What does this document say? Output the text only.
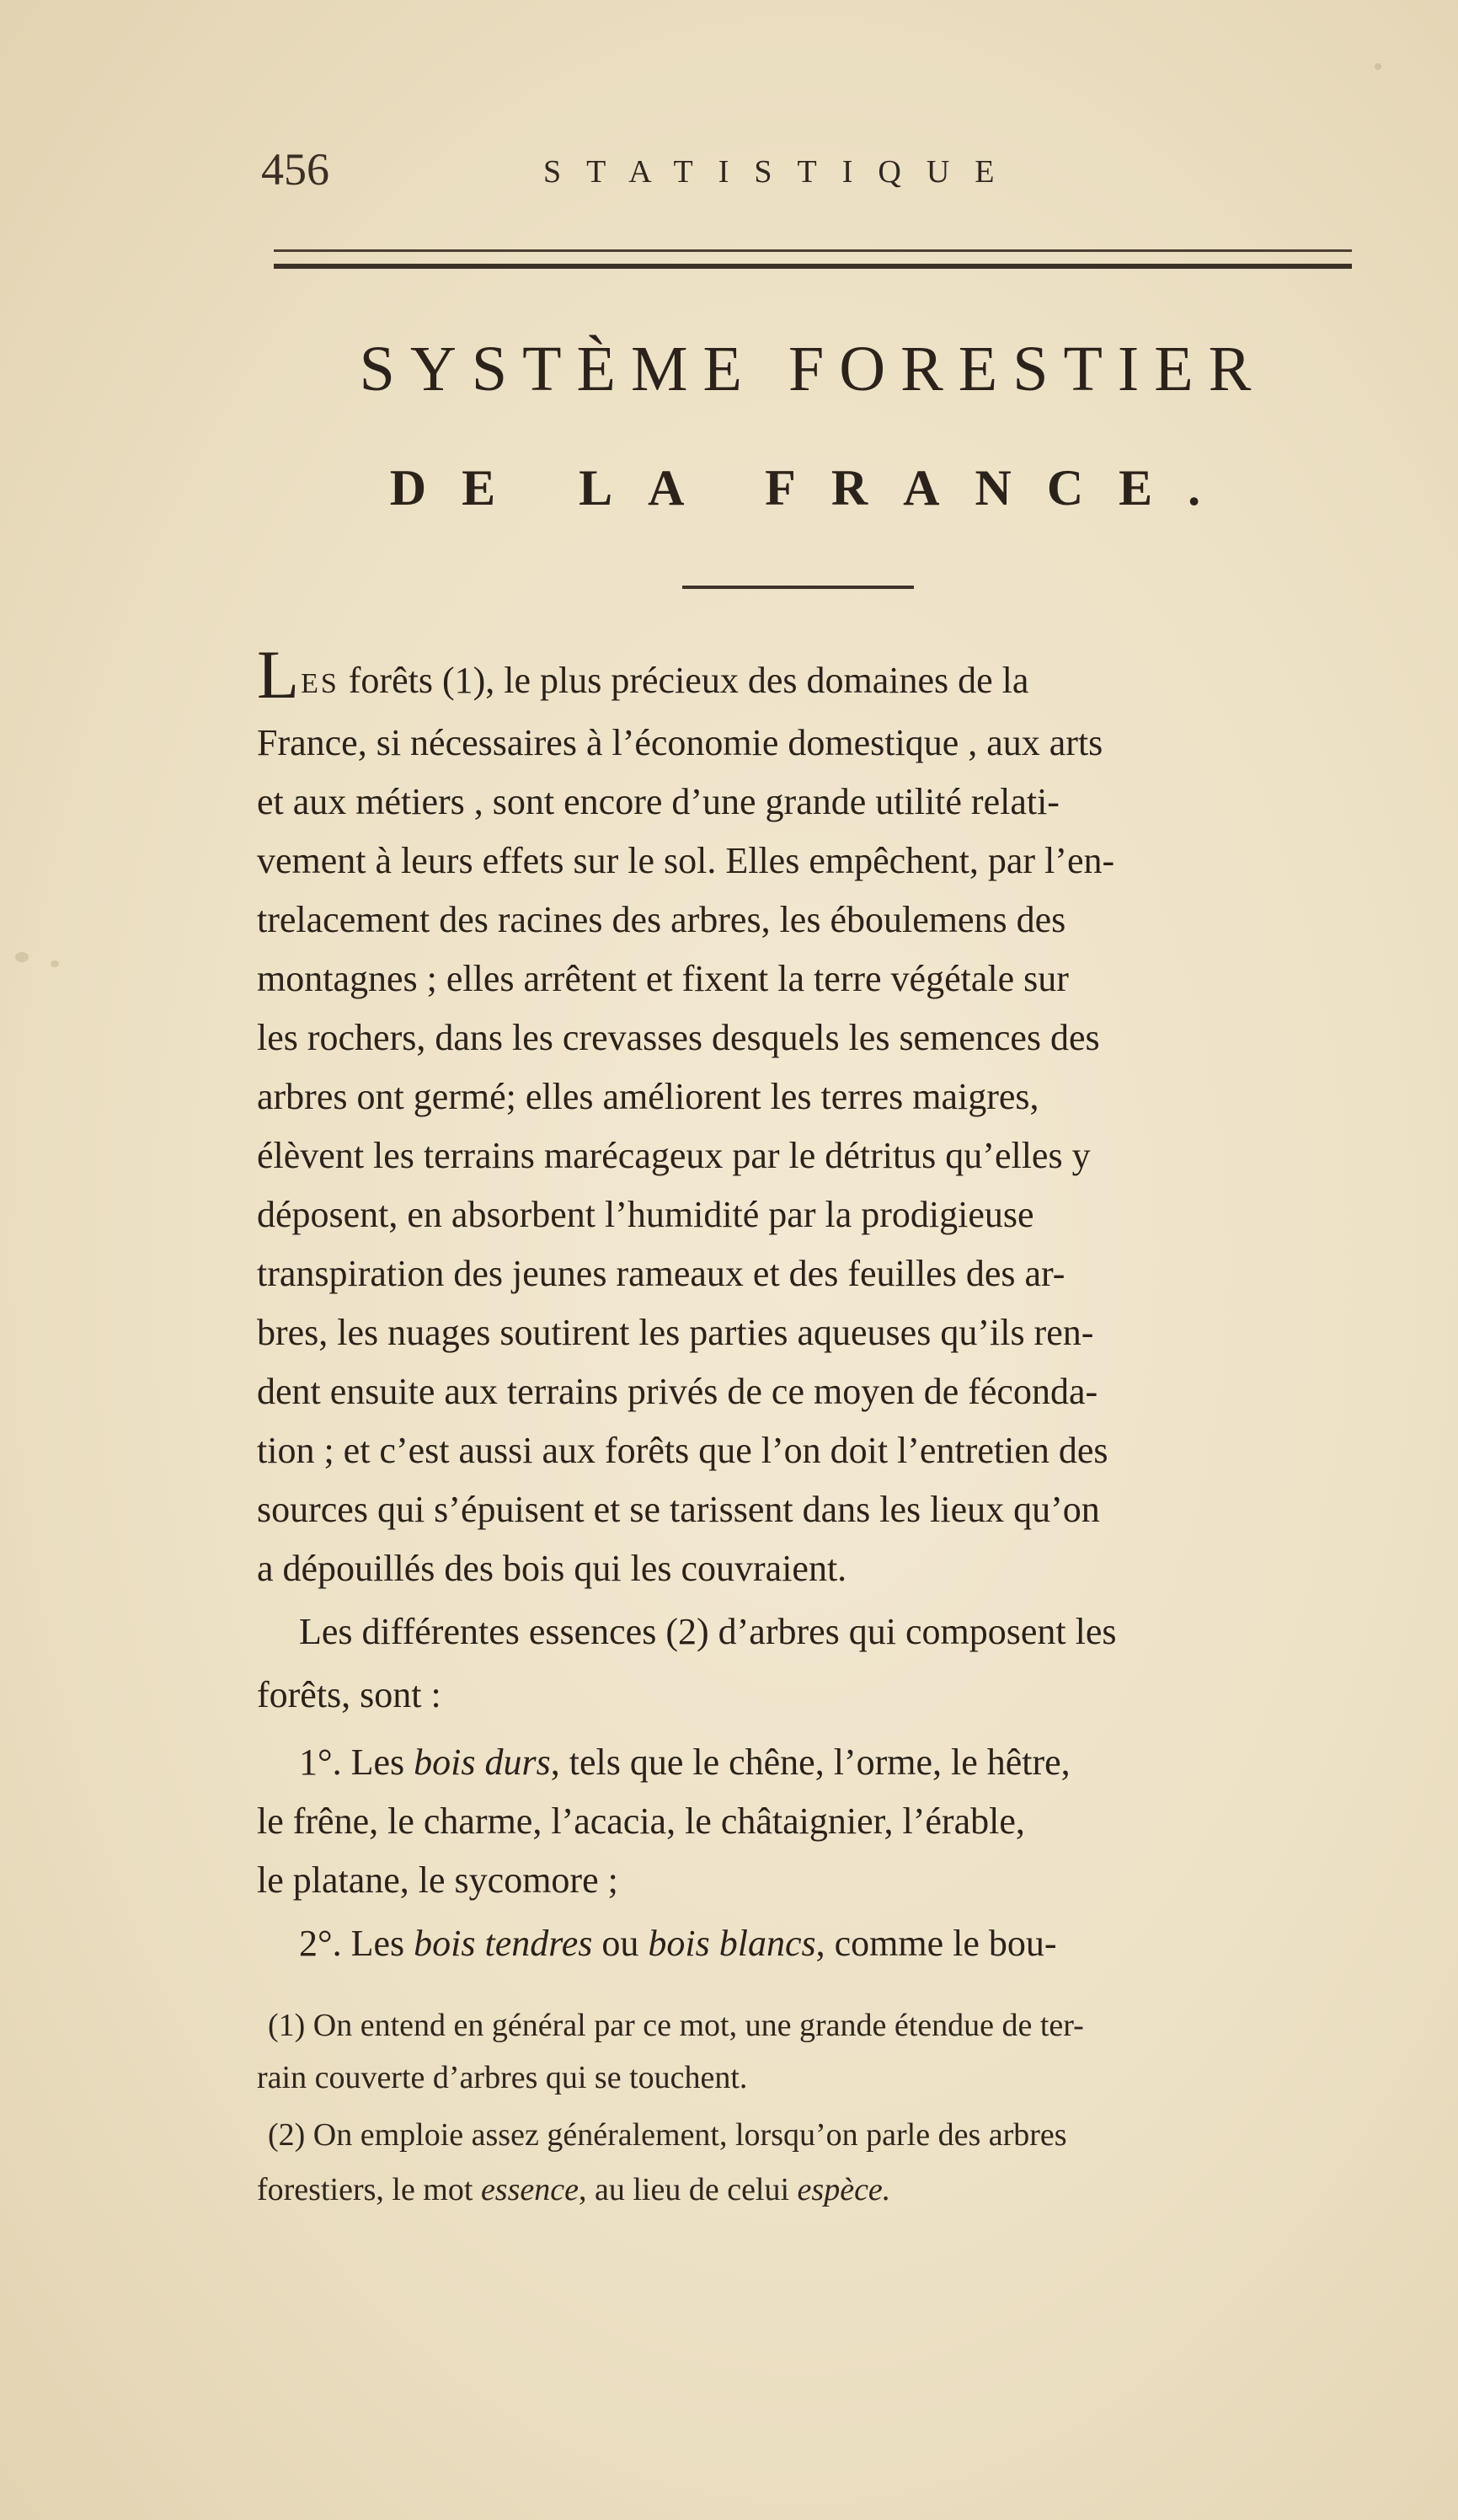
456	STATISTIQUE
SYSTÈME FORESTIER
DE LA FRANCE.
LES forêts (1), le plus précieux des domaines de la
France, si nécessaires à l’économie domestique , aux arts
et aux métiers , sont encore d’une grande utilité relati-
vement à leurs effets sur le sol. Elles empêchent, par l’en-
trelacement des racines des arbres, les éboulemens des
montagnes ; elles arrêtent et fixent la terre végétale sur
les rochers, dans les crevasses desquels les semences des
arbres ont germé; elles améliorent les terres maigres,
élèvent les terrains marécageux par le détritus qu’elles y
déposent, en absorbent l’humidité par la prodigieuse
transpiration des jeunes rameaux et des feuilles des ar-
bres, les nuages soutirent les parties aqueuses qu’ils ren-
dent ensuite aux terrains privés de ce moyen de féconda-
tion ; et c’est aussi aux forêts que l’on doit l’entretien des
sources qui s’épuisent et se tarissent dans les lieux qu’on
a dépouillés des bois qui les couvraient.
Les différentes essences (2) d’arbres qui composent les
forêts, sont :
1°. Les bois durs, tels que le chêne, l’orme, le hêtre,
le frêne, le charme, l’acacia, le châtaignier, l’érable,
le platane, le sycomore ;
2°. Les bois tendres ou bois blancs, comme le bou-
(1) On entend en général par ce mot, une grande étendue de ter-
rain couverte d’arbres qui se touchent.
(2) On emploie assez généralement, lorsqu’on parle des arbres
forestiers, le mot essence, au lieu de celui espèce.
